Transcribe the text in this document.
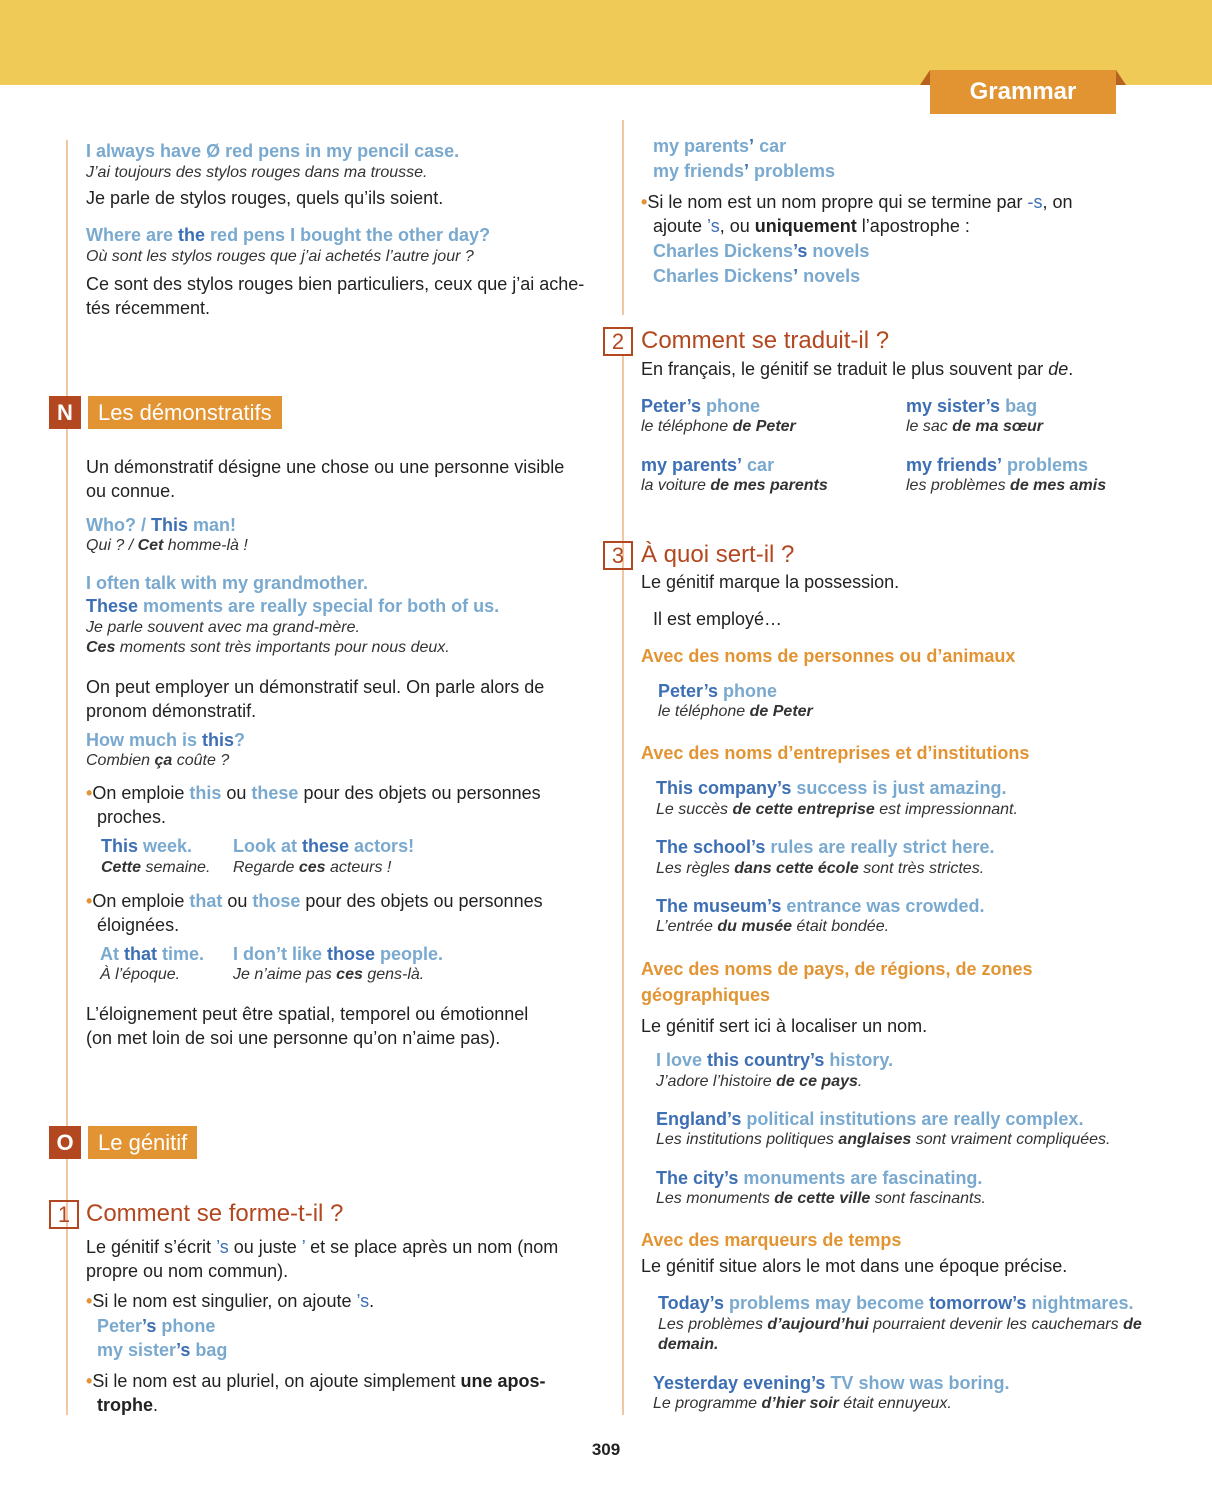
Grammar
I always have Ø red pens in my pencil case.
J’ai toujours des stylos rouges dans ma trousse.
Je parle de stylos rouges, quels qu’ils soient.
Where are the red pens I bought the other day?
Où sont les stylos rouges que j’ai achetés l’autre jour ?
Ce sont des stylos rouges bien particuliers, ceux que j’ai ache-
tés récemment.
N	Les démonstratifs
Un démonstratif désigne une chose ou une personne visible
ou connue.
Who? / This man!
Qui ? / Cet homme-là !
I often talk with my grandmother.
These moments are really special for both of us.
Je parle souvent avec ma grand-mère.
Ces moments sont très importants pour nous deux.
On peut employer un démonstratif seul. On parle alors de
pronom démonstratif.
How much is this?
Combien ça coûte ?
•On emploie this ou these pour des objets ou personnes
proches.
This week.
Cette semaine.
Look at these actors!
Regarde ces acteurs !
•On emploie that ou those pour des objets ou personnes
éloignées.
At that time.
À l’époque.
I don’t like those people.
Je n’aime pas ces gens-là.
L’éloignement peut être spatial, temporel ou émotionnel
(on met loin de soi une personne qu’on n’aime pas).
O	Le génitif
1 Comment se forme-t-il ?
Le génitif s’écrit ’s ou juste ’ et se place après un nom (nom
propre ou nom commun).
•Si le nom est singulier, on ajoute ’s.
Peter’s phone
my sister’s bag
•Si le nom est au pluriel, on ajoute simplement une apos-
trophe.
my parents’ car
my friends’ problems
•Si le nom est un nom propre qui se termine par -s, on
ajoute ’s, ou uniquement l’apostrophe :
Charles Dickens’s novels
Charles Dickens’ novels
2 Comment se traduit-il ?
En français, le génitif se traduit le plus souvent par de.
Peter’s phone
le téléphone de Peter
my sister’s bag
le sac de ma sœur
my parents’ car
la voiture de mes parents
my friends’ problems
les problèmes de mes amis
3 À quoi sert-il ?
Le génitif marque la possession.
Il est employé…
Avec des noms de personnes ou d’animaux
Peter’s phone
le téléphone de Peter
Avec des noms d’entreprises et d’institutions
This company’s success is just amazing.
Le succès de cette entreprise est impressionnant.
The school’s rules are really strict here.
Les règles dans cette école sont très strictes.
The museum’s entrance was crowded.
L’entrée du musée était bondée.
Avec des noms de pays, de régions, de zones
géographiques
Le génitif sert ici à localiser un nom.
I love this country’s history.
J’adore l’histoire de ce pays.
England’s political institutions are really complex.
Les institutions politiques anglaises sont vraiment compliquées.
The city’s monuments are fascinating.
Les monuments de cette ville sont fascinants.
Avec des marqueurs de temps
Le génitif situe alors le mot dans une époque précise.
Today’s problems may become tomorrow’s nightmares.
Les problèmes d’aujourd’hui pourraient devenir les cauchemars de
demain.
Yesterday evening’s TV show was boring.
Le programme d’hier soir était ennuyeux.
309
